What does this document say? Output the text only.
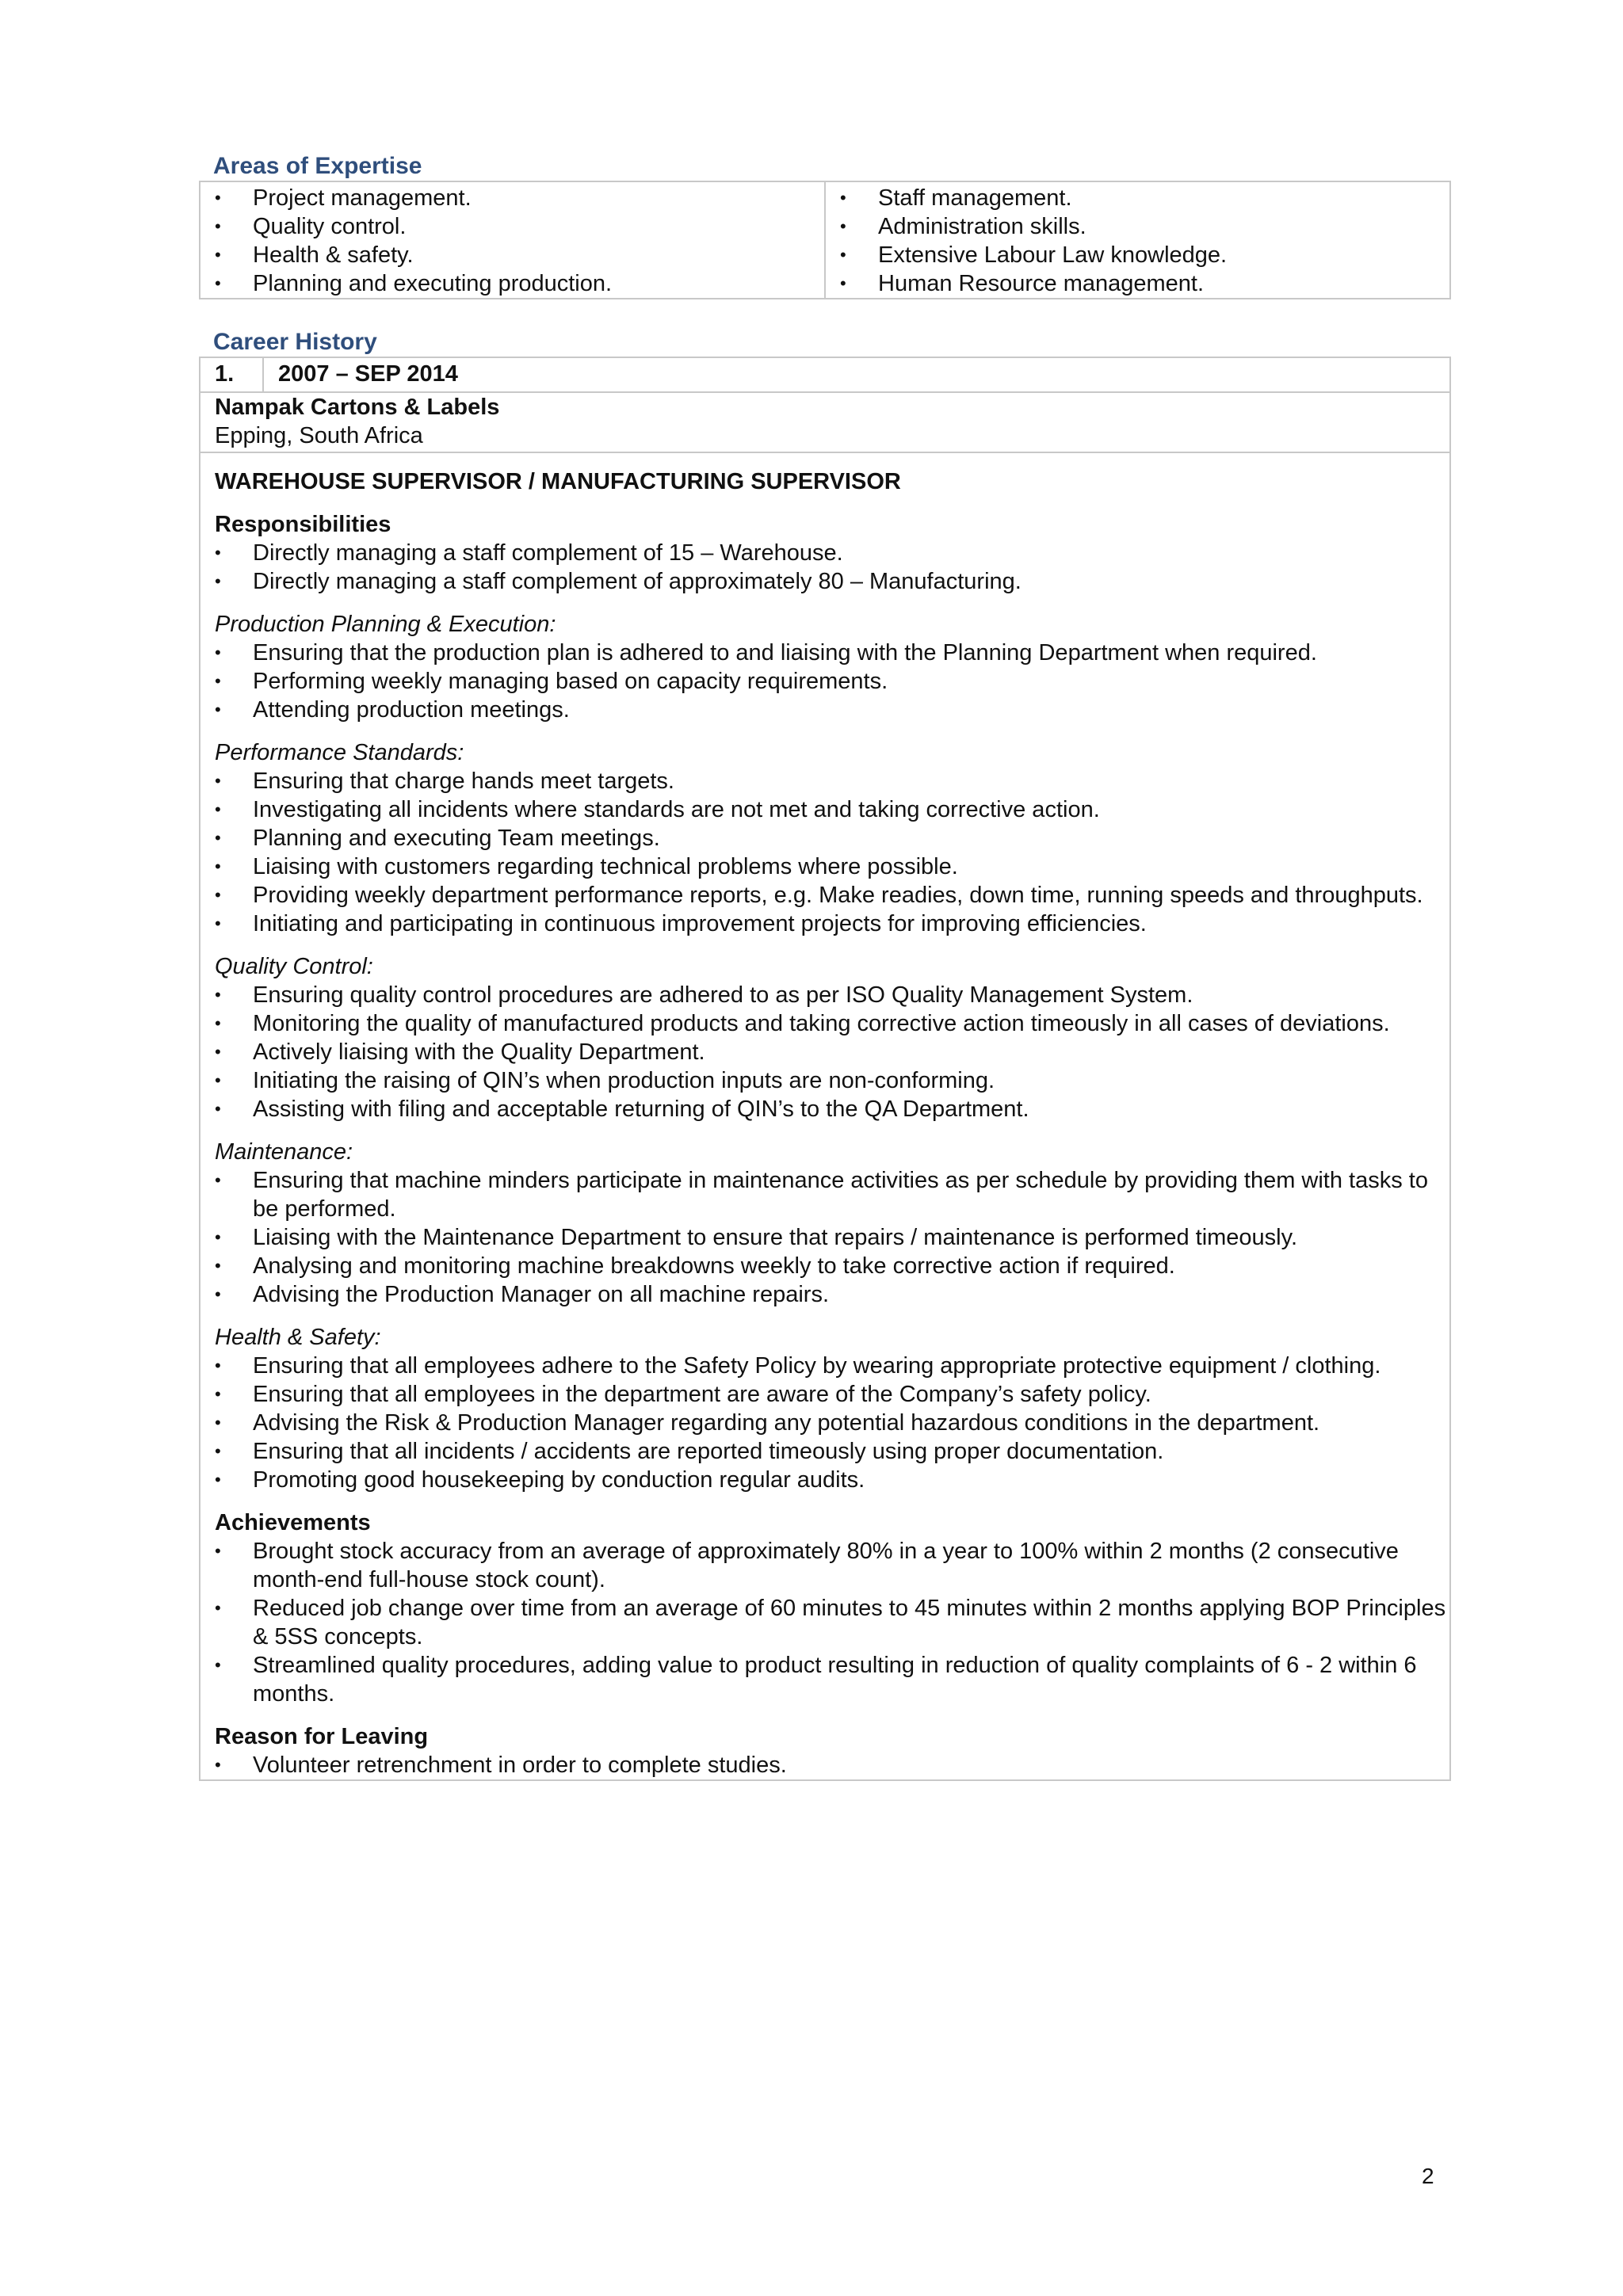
Areas of Expertise
• Project management.
• Quality control.
• Health & safety.
• Planning and executing production.
• Staff management.
• Administration skills.
• Extensive Labour Law knowledge.
• Human Resource management.
Career History
1.	2007 – SEP 2014
Nampak Cartons & Labels
Epping, South Africa
WAREHOUSE SUPERVISOR / MANUFACTURING SUPERVISOR
Responsibilities
• Directly managing a staff complement of 15 – Warehouse.
• Directly managing a staff complement of approximately 80 – Manufacturing.
Production Planning & Execution:
• Ensuring that the production plan is adhered to and liaising with the Planning Department when required.
• Performing weekly managing based on capacity requirements.
• Attending production meetings.
Performance Standards:
• Ensuring that charge hands meet targets.
• Investigating all incidents where standards are not met and taking corrective action.
• Planning and executing Team meetings.
• Liaising with customers regarding technical problems where possible.
• Providing weekly department performance reports, e.g. Make readies, down time, running speeds and throughputs.
• Initiating and participating in continuous improvement projects for improving efficiencies.
Quality Control:
• Ensuring quality control procedures are adhered to as per ISO Quality Management System.
• Monitoring the quality of manufactured products and taking corrective action timeously in all cases of deviations.
• Actively liaising with the Quality Department.
• Initiating the raising of QIN’s when production inputs are non-conforming.
• Assisting with filing and acceptable returning of QIN’s to the QA Department.
Maintenance:
• Ensuring that machine minders participate in maintenance activities as per schedule by providing them with tasks to be performed.
• Liaising with the Maintenance Department to ensure that repairs / maintenance is performed timeously.
• Analysing and monitoring machine breakdowns weekly to take corrective action if required.
• Advising the Production Manager on all machine repairs.
Health & Safety:
• Ensuring that all employees adhere to the Safety Policy by wearing appropriate protective equipment / clothing.
• Ensuring that all employees in the department are aware of the Company’s safety policy.
• Advising the Risk & Production Manager regarding any potential hazardous conditions in the department.
• Ensuring that all incidents / accidents are reported timeously using proper documentation.
• Promoting good housekeeping by conduction regular audits.
Achievements
• Brought stock accuracy from an average of approximately 80% in a year to 100% within 2 months (2 consecutive month-end full-house stock count).
• Reduced job change over time from an average of 60 minutes to 45 minutes within 2 months applying BOP Principles & 5SS concepts.
• Streamlined quality procedures, adding value to product resulting in reduction of quality complaints of 6 - 2 within 6 months.
Reason for Leaving
• Volunteer retrenchment in order to complete studies.
2
